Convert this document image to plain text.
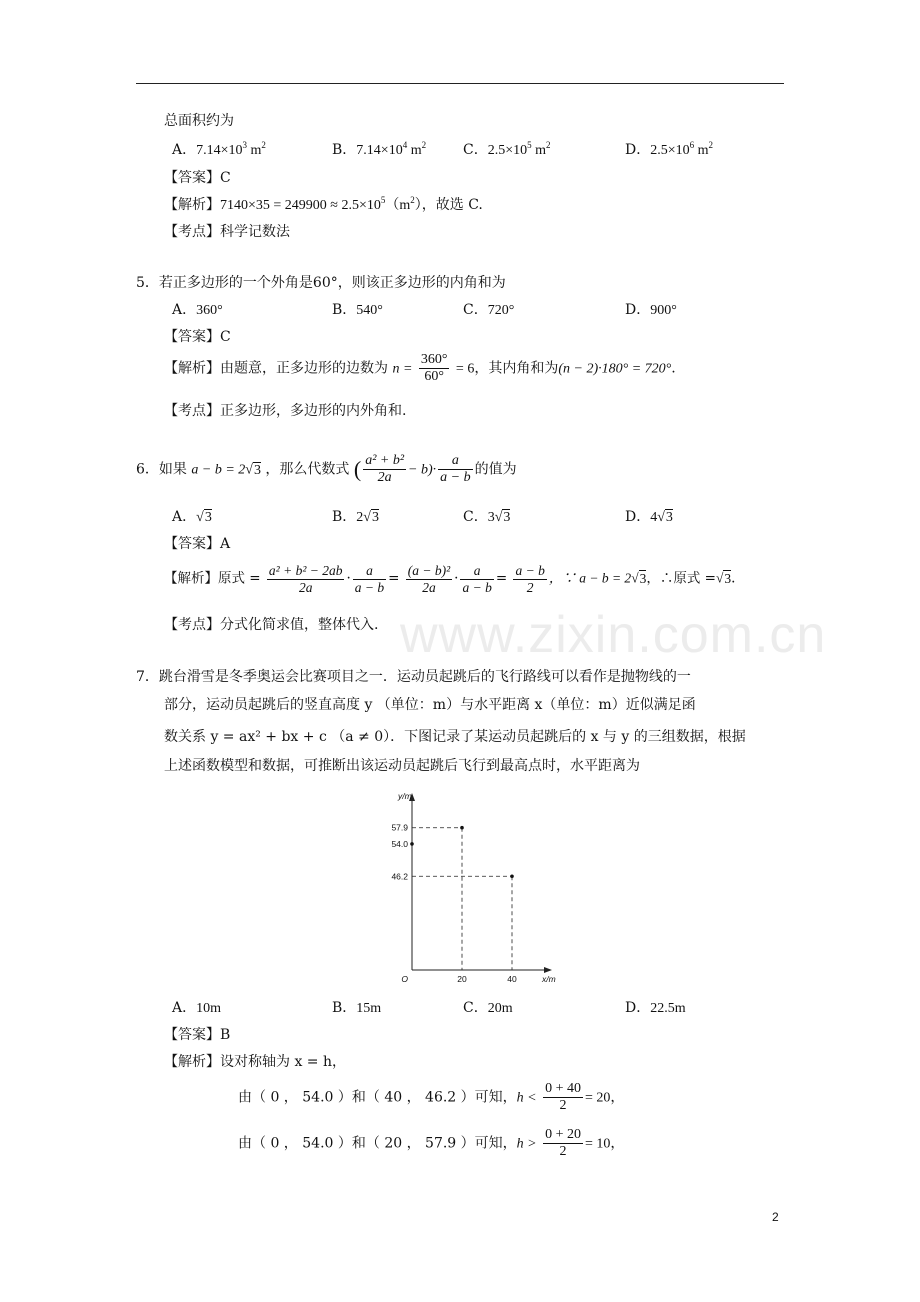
www.zixin.com.cn
总面积约为
A．$7.14\times 10^3$ $m^2$	B．$7.14\times 10^4$ $m^2$	C．$2.5\times 10^5$ $m^2$	D．$2.5\times 10^6$ $m^2$
【答案】C
【解析】$7140\times 35 = 249900 \approx 2.5\times 10^5(m^2)$，故选 C.
【考点】科学记数法
5．若正多边形的一个外角是60°，则该正多边形的内角和为
A．360°	B．540°	C．720°	D．900°
【答案】C
【解析】由题意，正多边形的边数为 $n = \frac{360^\circ}{60^\circ} = 6$，其内角和为(n − 2)·180° = 720°.
【考点】正多边形，多边形的内外角和.
6．如果 a − b = 2√3 ，那么代数式 ( $\frac{\text{a² + b²}}{2a} - b)\cdot \frac{a}{a - b}$ 的值为
A．√3	B．2√3	C．3√3	D．4√3
【答案】A
【解析】原式 = $\frac{\text{a² + b² − 2ab}}{2a} \cdot \frac{a}{a - b} = \frac{\text{(a − b)²}}{2a} \cdot \frac{a}{a - b} = \frac{a - b}{2}$ ，∵ a − b = 2√3，∴原式 =√3.
【考点】分式化简求值，整体代入.
7．跳台滑雪是冬季奥运会比赛项目之一．运动员起跳后的飞行路线可以看作是抛物线的一
部分，运动员起跳后的竖直高度 y （单位：m）与水平距离 x（单位：m）近似满足函
数关系 y = ax² + bx + c （a ≠ 0）．下图记录了某运动员起跳后的 x 与 y 的三组数据，根据
上述函数模型和数据，可推断出该运动员起跳后飞行到最高点时，水平距离为
57.9
54.0
46.2
20	40
O
y/m
x/m
A．10m	B．15m	C．20m	D．22.5m
【答案】B
【解析】设对称轴为 x = h，
由（ 0 ， 54.0 ）和（ 40 ， 46.2 ）可知，$h < \frac{0 + 40}{2} = 20$，
由（ 0 ， 54.0 ）和（ 20 ， 57.9 ）可知，$h > \frac{0 + 20}{2} = 10$，
2
